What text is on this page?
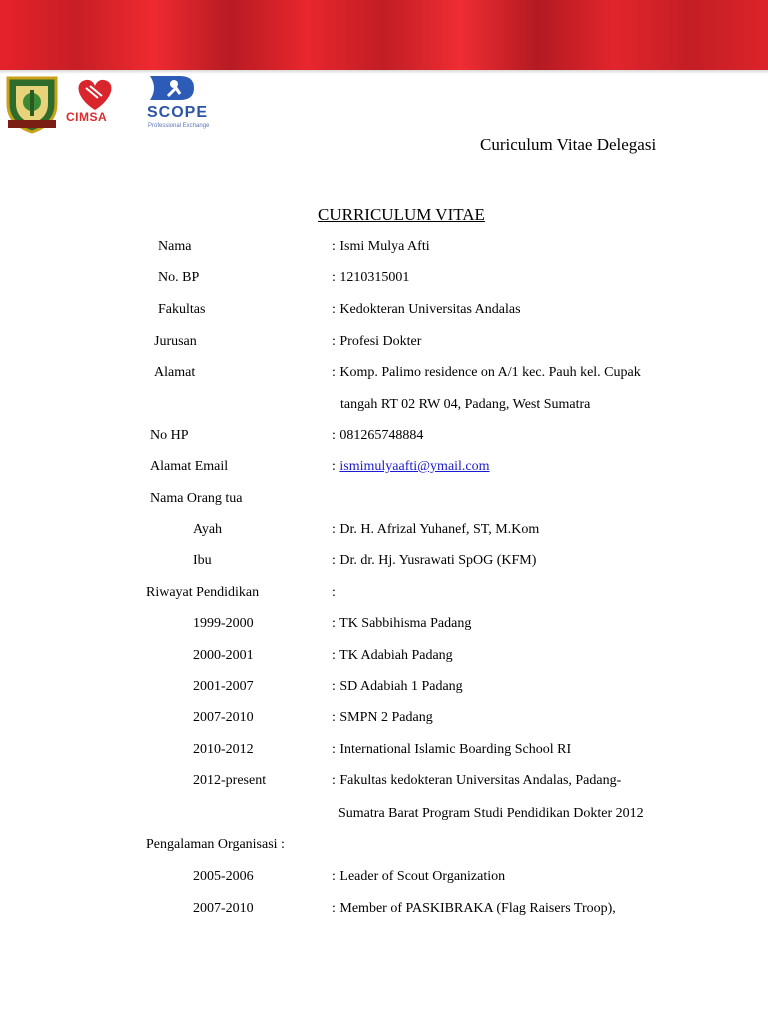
CIMSA SCOPE
Professional Exchange
Curiculum Vitae Delegasi
CURRICULUM VITAE
Nama	: Ismi Mulya Afti
No. BP	: 1210315001
Fakultas	: Kedokteran Universitas Andalas
Jurusan	: Profesi Dokter
Alamat	: Komp. Palimo residence on A/1 kec. Pauh kel. Cupak
tangah RT 02 RW 04, Padang, West Sumatra
No HP	: 081265748884
Alamat Email	: ismimulyaafti@ymail.com
Nama Orang tua
Ayah	: Dr. H. Afrizal Yuhanef, ST, M.Kom
Ibu	: Dr. dr. Hj. Yusrawati SpOG (KFM)
Riwayat Pendidikan	:
1999-2000	: TK Sabbihisma Padang
2000-2001	: TK Adabiah Padang
2001-2007	: SD Adabiah 1 Padang
2007-2010	: SMPN 2 Padang
2010-2012	: International Islamic Boarding School RI
2012-present	: Fakultas kedokteran Universitas Andalas, Padang-
Sumatra Barat Program Studi Pendidikan Dokter 2012
Pengalaman Organisasi :
2005-2006	: Leader of Scout Organization
2007-2010	: Member of PASKIBRAKA (Flag Raisers Troop),
